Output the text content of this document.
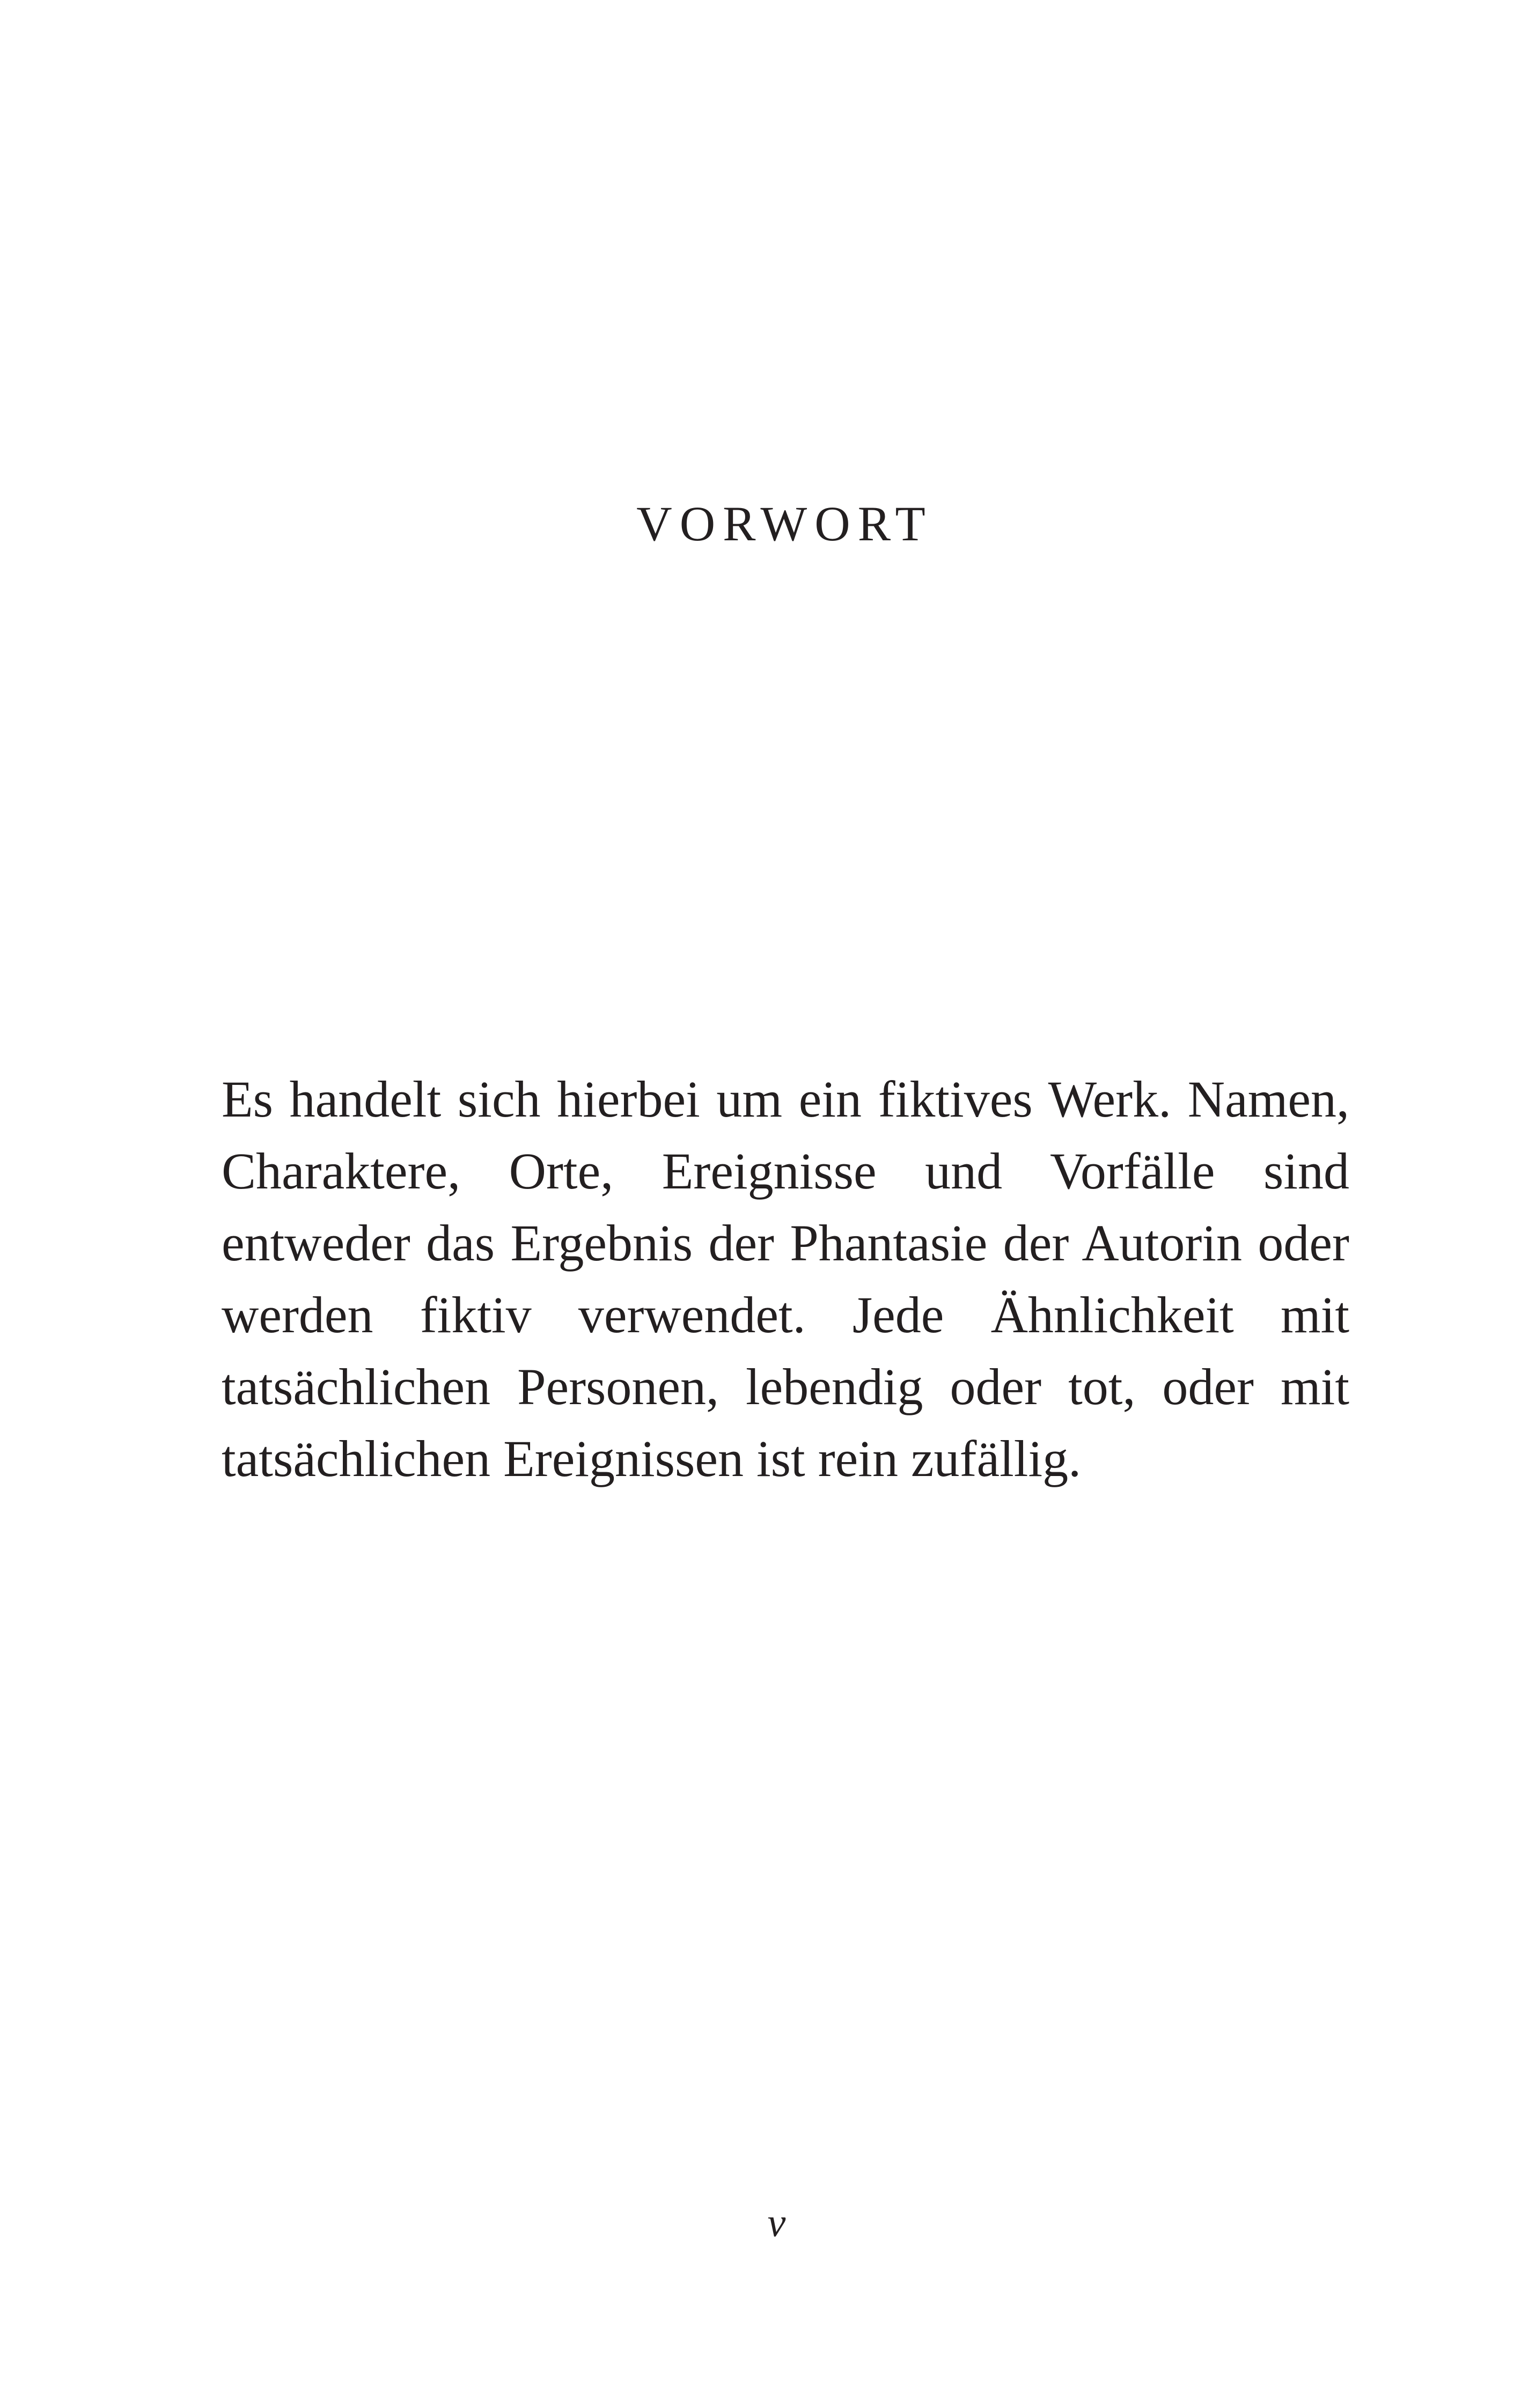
VORWORT

Es handelt sich hierbei um ein fiktives Werk. Namen, Charaktere, Orte, Ereignisse und Vorfälle sind entweder das Ergebnis der Phantasie der Autorin oder werden fiktiv verwendet. Jede Ähnlichkeit mit tatsächlichen Personen, lebendig oder tot, oder mit tatsächlichen Ereignissen ist rein zufällig.

v
